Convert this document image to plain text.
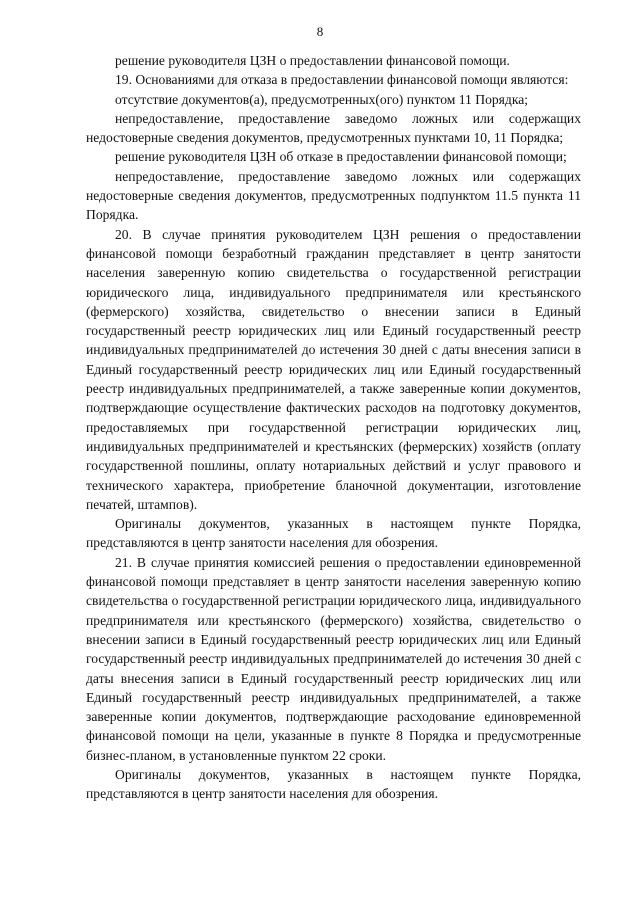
8

решение руководителя ЦЗН о предоставлении финансовой помощи.

19. Основаниями для отказа в предоставлении финансовой помощи являются:

отсутствие документов(а), предусмотренных(ого) пунктом 11 Порядка;

непредоставление, предоставление заведомо ложных или содержащих недостоверные сведения документов, предусмотренных пунктами 10, 11 Порядка;

решение руководителя ЦЗН об отказе в предоставлении финансовой помощи;

непредоставление, предоставление заведомо ложных или содержащих недостоверные сведения документов, предусмотренных подпунктом 11.5 пункта 11 Порядка.

20. В случае принятия руководителем ЦЗН решения о предоставлении финансовой помощи безработный гражданин представляет в центр занятости населения заверенную копию свидетельства о государственной регистрации юридического лица, индивидуального предпринимателя или крестьянского (фермерского) хозяйства, свидетельство о внесении записи в Единый государственный реестр юридических лиц или Единый государственный реестр индивидуальных предпринимателей до истечения 30 дней с даты внесения записи в Единый государственный реестр юридических лиц или Единый государственный реестр индивидуальных предпринимателей, а также заверенные копии документов, подтверждающие осуществление фактических расходов на подготовку документов, предоставляемых при государственной регистрации юридических лиц, индивидуальных предпринимателей и крестьянских (фермерских) хозяйств (оплату государственной пошлины, оплату нотариальных действий и услуг правового и технического характера, приобретение бланочной документации, изготовление печатей, штампов).

Оригиналы документов, указанных в настоящем пункте Порядка, представляются в центр занятости населения для обозрения.

21. В случае принятия комиссией решения о предоставлении единовременной финансовой помощи представляет в центр занятости населения заверенную копию свидетельства о государственной регистрации юридического лица, индивидуального предпринимателя или крестьянского (фермерского) хозяйства, свидетельство о внесении записи в Единый государственный реестр юридических лиц или Единый государственный реестр индивидуальных предпринимателей до истечения 30 дней с даты внесения записи в Единый государственный реестр юридических лиц или Единый государственный реестр индивидуальных предпринимателей, а также заверенные копии документов, подтверждающие расходование единовременной финансовой помощи на цели, указанные в пункте 8 Порядка и предусмотренные бизнес-планом, в установленные пунктом 22 сроки.

Оригиналы документов, указанных в настоящем пункте Порядка, представляются в центр занятости населения для обозрения.
